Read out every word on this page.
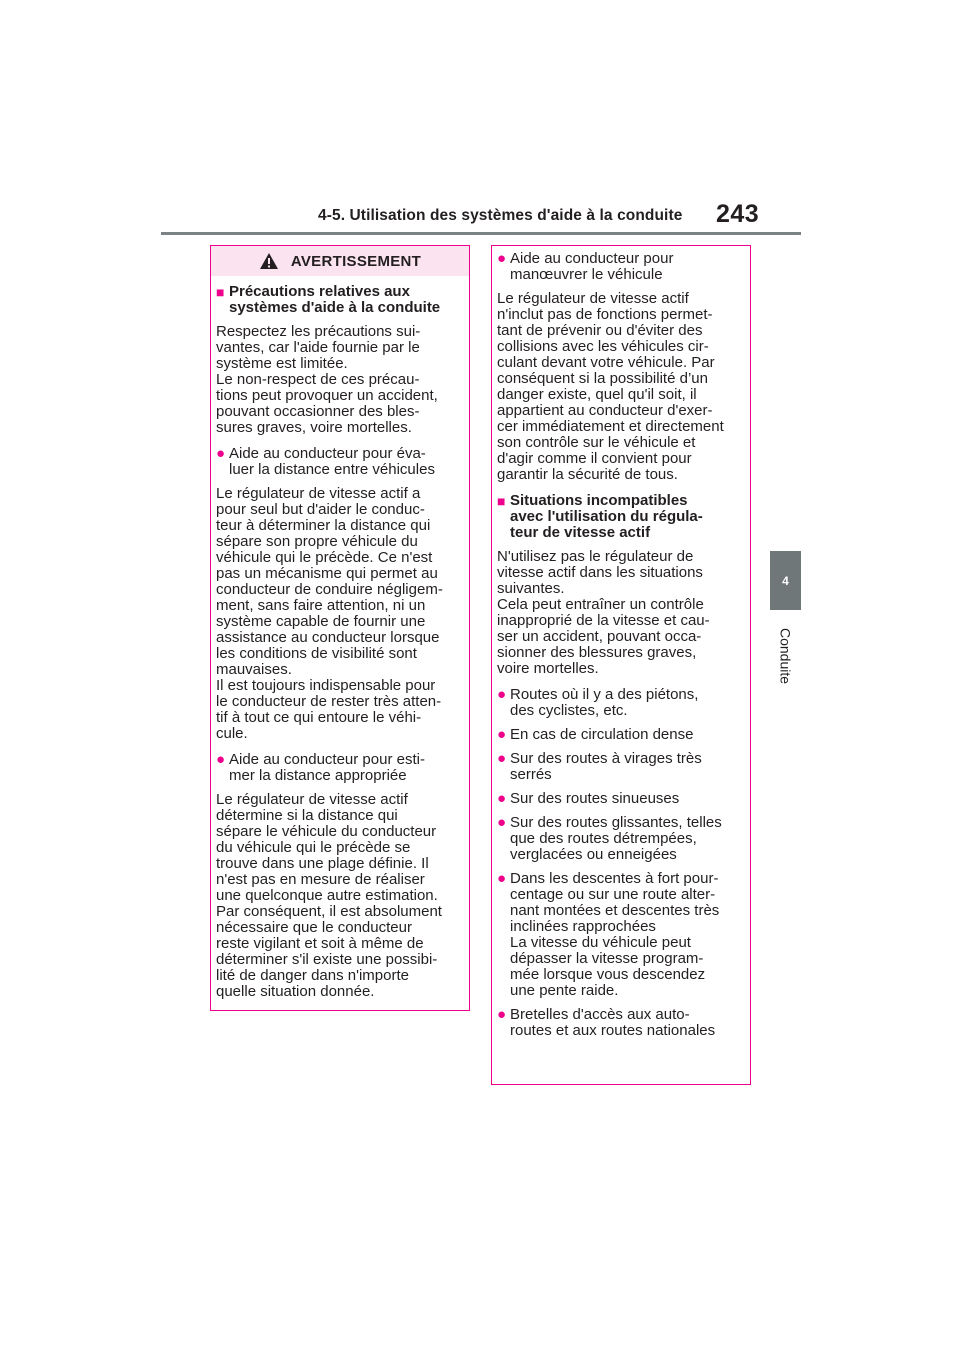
4-5. Utilisation des systèmes d'aide à la conduite 243
4
Conduite
AVERTISSEMENT
■ Précautions relatives aux
systèmes d'aide à la conduite
Respectez les précautions sui-
vantes, car l'aide fournie par le
système est limitée.
Le non-respect de ces précau-
tions peut provoquer un accident,
pouvant occasionner des bles-
sures graves, voire mortelles.
● Aide au conducteur pour éva-
luer la distance entre véhicules
Le régulateur de vitesse actif a
pour seul but d'aider le conduc-
teur à déterminer la distance qui
sépare son propre véhicule du
véhicule qui le précède. Ce n'est
pas un mécanisme qui permet au
conducteur de conduire négligem-
ment, sans faire attention, ni un
système capable de fournir une
assistance au conducteur lorsque
les conditions de visibilité sont
mauvaises.
Il est toujours indispensable pour
le conducteur de rester très atten-
tif à tout ce qui entoure le véhi-
cule.
● Aide au conducteur pour esti-
mer la distance appropriée
Le régulateur de vitesse actif
détermine si la distance qui
sépare le véhicule du conducteur
du véhicule qui le précède se
trouve dans une plage définie. Il
n'est pas en mesure de réaliser
une quelconque autre estimation.
Par conséquent, il est absolument
nécessaire que le conducteur
reste vigilant et soit à même de
déterminer s'il existe une possibi-
lité de danger dans n'importe
quelle situation donnée.
● Aide au conducteur pour
manœuvrer le véhicule
Le régulateur de vitesse actif
n'inclut pas de fonctions permet-
tant de prévenir ou d'éviter des
collisions avec les véhicules cir-
culant devant votre véhicule. Par
conséquent si la possibilité d’un
danger existe, quel qu'il soit, il
appartient au conducteur d'exer-
cer immédiatement et directement
son contrôle sur le véhicule et
d'agir comme il convient pour
garantir la sécurité de tous.
■ Situations incompatibles
avec l'utilisation du régula-
teur de vitesse actif
N'utilisez pas le régulateur de
vitesse actif dans les situations
suivantes.
Cela peut entraîner un contrôle
inapproprié de la vitesse et cau-
ser un accident, pouvant occa-
sionner des blessures graves,
voire mortelles.
● Routes où il y a des piétons,
des cyclistes, etc.
● En cas de circulation dense
● Sur des routes à virages très
serrés
● Sur des routes sinueuses
● Sur des routes glissantes, telles
que des routes détrempées,
verglacées ou enneigées
● Dans les descentes à fort pour-
centage ou sur une route alter-
nant montées et descentes très
inclinées rapprochées
La vitesse du véhicule peut
dépasser la vitesse program-
mée lorsque vous descendez
une pente raide.
● Bretelles d'accès aux auto-
routes et aux routes nationales
